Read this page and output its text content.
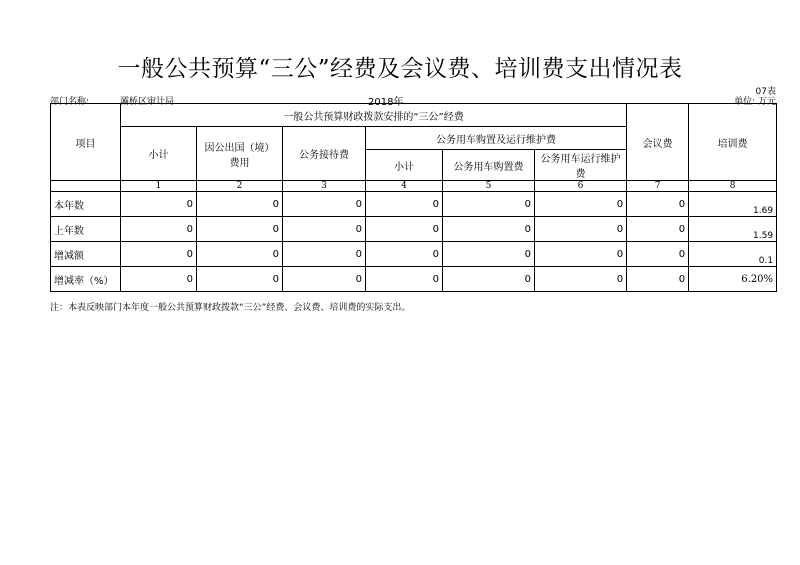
一般公共预算“三公”经费及会议费、培训费支出情况表
07表
部门名称:	灞桥区审计局	2018年	单位: 万元
项目	一般公共预算财政拨款安排的“三公”经费						会议费	培训费
	小计	因公出国（境）费用	公务接待费	公务用车购置及运行维护费				
				小计	公务用车购置费	公务用车运行维护费		
	1	2	3	4	5	6	7	8
本年数	0	0	0	0	0	0	0	1.69
上年数	0	0	0	0	0	0	0	1.59
增减额	0	0	0	0	0	0	0	0.1
增减率（%）	0	0	0	0	0	0	0	6.20%
注：本表反映部门本年度一般公共预算财政拨款“三公”经费、会议费、培训费的实际支出。
